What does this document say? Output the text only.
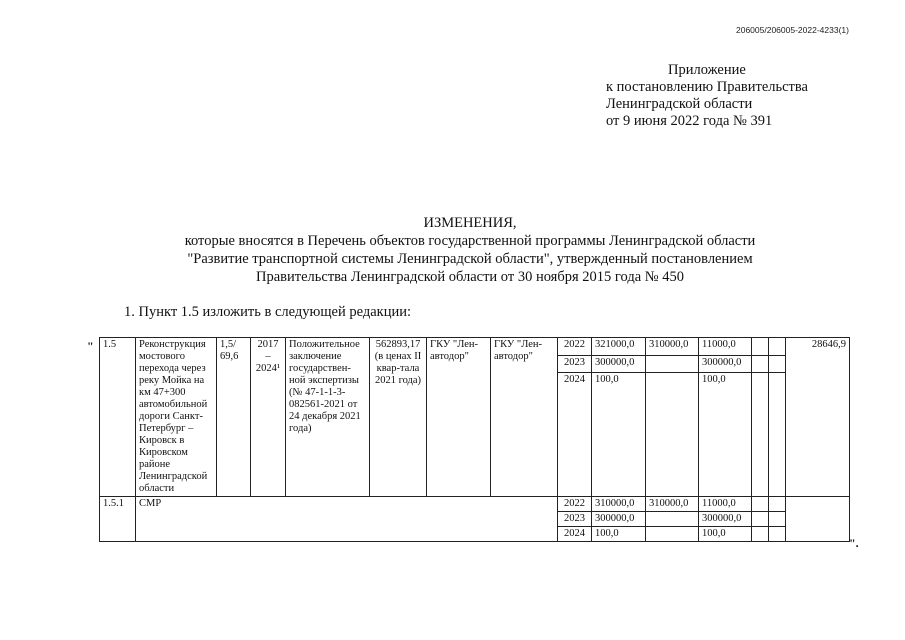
206005/206005-2022-4233(1)
Приложение
к постановлению Правительства
Ленинградской области
от 9 июня 2022 года № 391
ИЗМЕНЕНИЯ,
которые вносятся в Перечень объектов государственной программы Ленинградской области
"Развитие транспортной системы Ленинградской области", утвержденный постановлением
Правительства Ленинградской области от 30 ноября 2015 года № 450
1. Пункт 1.5 изложить в следующей редакции:
" 1.5	Реконструкция мостового перехода через реку Мойка на км 47+300 автомобильной дороги Санкт-Петербург – Кировск в Кировском районе Ленинградской области	1,5/ 69,6	2017 – 2024¹	Положительное заключение государствен-ной экспертизы (№ 47-1-1-3-082561-2021 от 24 декабря 2021 года)	562893,17 (в ценах II квар-тала 2021 года)	ГКУ "Лен-автодор"	ГКУ "Лен-автодор"	2022	321000,0	310000,0	11000,0			28646,9
								2023	300000,0		300000,0			
								2024	100,0		100,0			
1.5.1	СМР							2022	310000,0	310000,0	11000,0			
								2023	300000,0		300000,0			
								2024	100,0		100,0			
".
